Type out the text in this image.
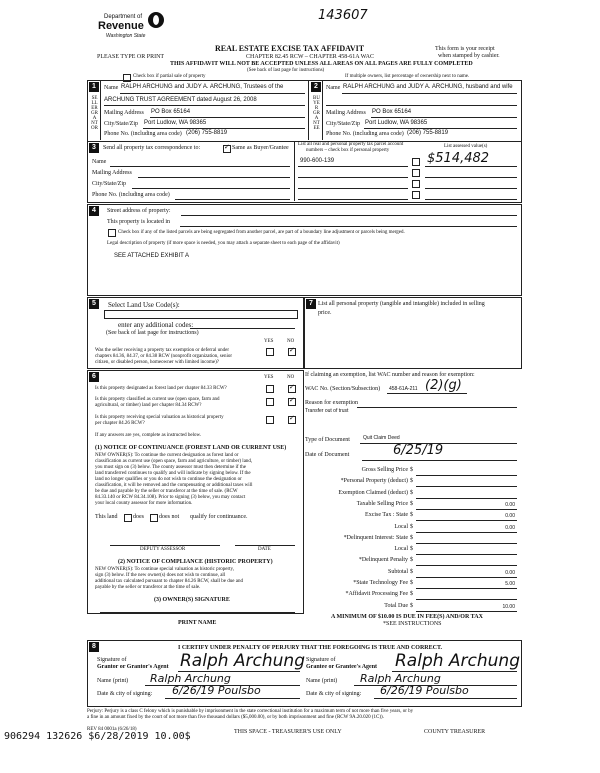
143607
Department of
Revenue
Washington State
PLEASE TYPE OR PRINT
REAL ESTATE EXCISE TAX AFFIDAVIT
CHAPTER 82.45 RCW – CHAPTER 458-61A WAC
THIS AFFIDAVIT WILL NOT BE ACCEPTED UNLESS ALL AREAS ON ALL PAGES ARE FULLY COMPLETED
(See back of last page for instructions)
This form is your receipt
when stamped by cashier.
Check box if partial sale of property	If multiple owners, list percentage of ownership next to name.
1
SELLER GRANTOR
Name RALPH ARCHUNG and JUDY A. ARCHUNG, Trustees of the
ARCHUNG TRUST AGREEMENT dated August 26, 2008
Mailing Address PO Box 65164
City/State/Zip Port Ludlow, WA 98365
Phone No. (including area code) (206) 755-8819
2
BUYER GRANTEE
Name RALPH ARCHUNG and JUDY A. ARCHUNG, husband and wife
Mailing Address PO Box 65164
City/State/Zip Port Ludlow, WA 98365
Phone No. (including area code) (206) 755-8819
3	Send all property tax correspondence to: ✓	Same as Buyer/Grantee
Name
Mailing Address
City/State/Zip
Phone No. (including area code)
List all real and personal property tax parcel account
numbers – check box if personal property
List assessed value(s)
990-600-139	$514,482
4	Street address of property:
This property is located in
Check box if any of the listed parcels are being segregated from another parcel, are part of a boundary line adjustment or parcels being merged.
Legal description of property (if more space is needed, you may attach a separate sheet to each page of the affidavit)
SEE ATTACHED EXHIBIT A
5	Select Land Use Code(s):
enter any additional codes:
(See back of last page for instructions)
YES	NO
Was the seller receiving a property tax exemption or deferral under
chapters 84.36, 84.37, or 84.38 RCW (nonprofit organization, senior
citizen, or disabled person, homeowner with limited income)?
✓
6	YES	NO
Is this property designated as forest land per chapter 84.33 RCW?
✓
Is this property classified as current use (open space, farm and
agricultural, or timber) land per chapter 84.34 RCW?
✓
Is this property receiving special valuation as historical property
per chapter 84.26 RCW?
✓
If any answers are yes, complete as instructed below.
(1) NOTICE OF CONTINUANCE (FOREST LAND OR CURRENT USE)
NEW OWNER(S): To continue the current designation as forest land or
classification as current use (open space, farm and agriculture, or timber) land,
you must sign on (3) below. The county assessor must then determine if the
land transferred continues to qualify and will indicate by signing below. If the
land no longer qualifies or you do not wish to continue the designation or
classification, it will be removed and the compensating or additional taxes will
be due and payable by the seller or transferor at the time of sale. (RCW
84.33.140 or RCW 84.34.108). Prior to signing (3) below, you may contact
your local county assessor for more information.
This land	does	does not qualify for continuance.
DEPUTY ASSESSOR	DATE
(2) NOTICE OF COMPLIANCE (HISTORIC PROPERTY)
NEW OWNER(S): To continue special valuation as historic property,
sign (3) below. If the new owner(s) does not wish to continue, all
additional tax calculated pursuant to chapter 84.26 RCW, shall be due and
payable by the seller or transferor at the time of sale.
(3) OWNER(S) SIGNATURE
PRINT NAME
7 List all personal property (tangible and intangible) included in selling
price.
If claiming an exemption, list WAC number and reason for exemption:
WAC No. (Section/Subsection) 458-61A-211 (2)(g)
Reason for exemption
Transfer out of trust
Type of Document	Quit Claim Deed
Date of Document	6/25/19
Gross Selling Price $
*Personal Property (deduct) $
Exemption Claimed (deduct) $
Taxable Selling Price $	0.00
Excise Tax : State $	0.00
Local $	0.00
*Delinquent Interest: State $
Local $
*Delinquent Penalty $
Subtotal $	0.00
*State Technology Fee $	5.00
*Affidavit Processing Fee $
Total Due $	10.00
A MINIMUM OF $10.00 IS DUE IN FEE(S) AND/OR TAX
*SEE INSTRUCTIONS
8	I CERTIFY UNDER PENALTY OF PERJURY THAT THE FOREGOING IS TRUE AND CORRECT.
Signature of
Grantor or Grantor's Agent Ralph Archung
Name (print) Ralph Archung
Date & city of signing: 6/26/19 Poulsbo
Signature of
Grantee or Grantee's Agent Ralph Archung
Name (print) Ralph Archung
Date & city of signing: 6/26/19 Poulsbo
Perjury: Perjury is a class C felony which is punishable by imprisonment in the state correctional institution for a maximum term of not more than five years, or by
a fine in an amount fixed by the court of not more than five thousand dollars ($5,000.00), or by both imprisonment and fine (RCW 9A.20.020 (1C)).
REV 84 0001a (6/26/18)	THIS SPACE - TREASURER'S USE ONLY	COUNTY TREASURER
906294 132626 $6/28/2019 10.00$
